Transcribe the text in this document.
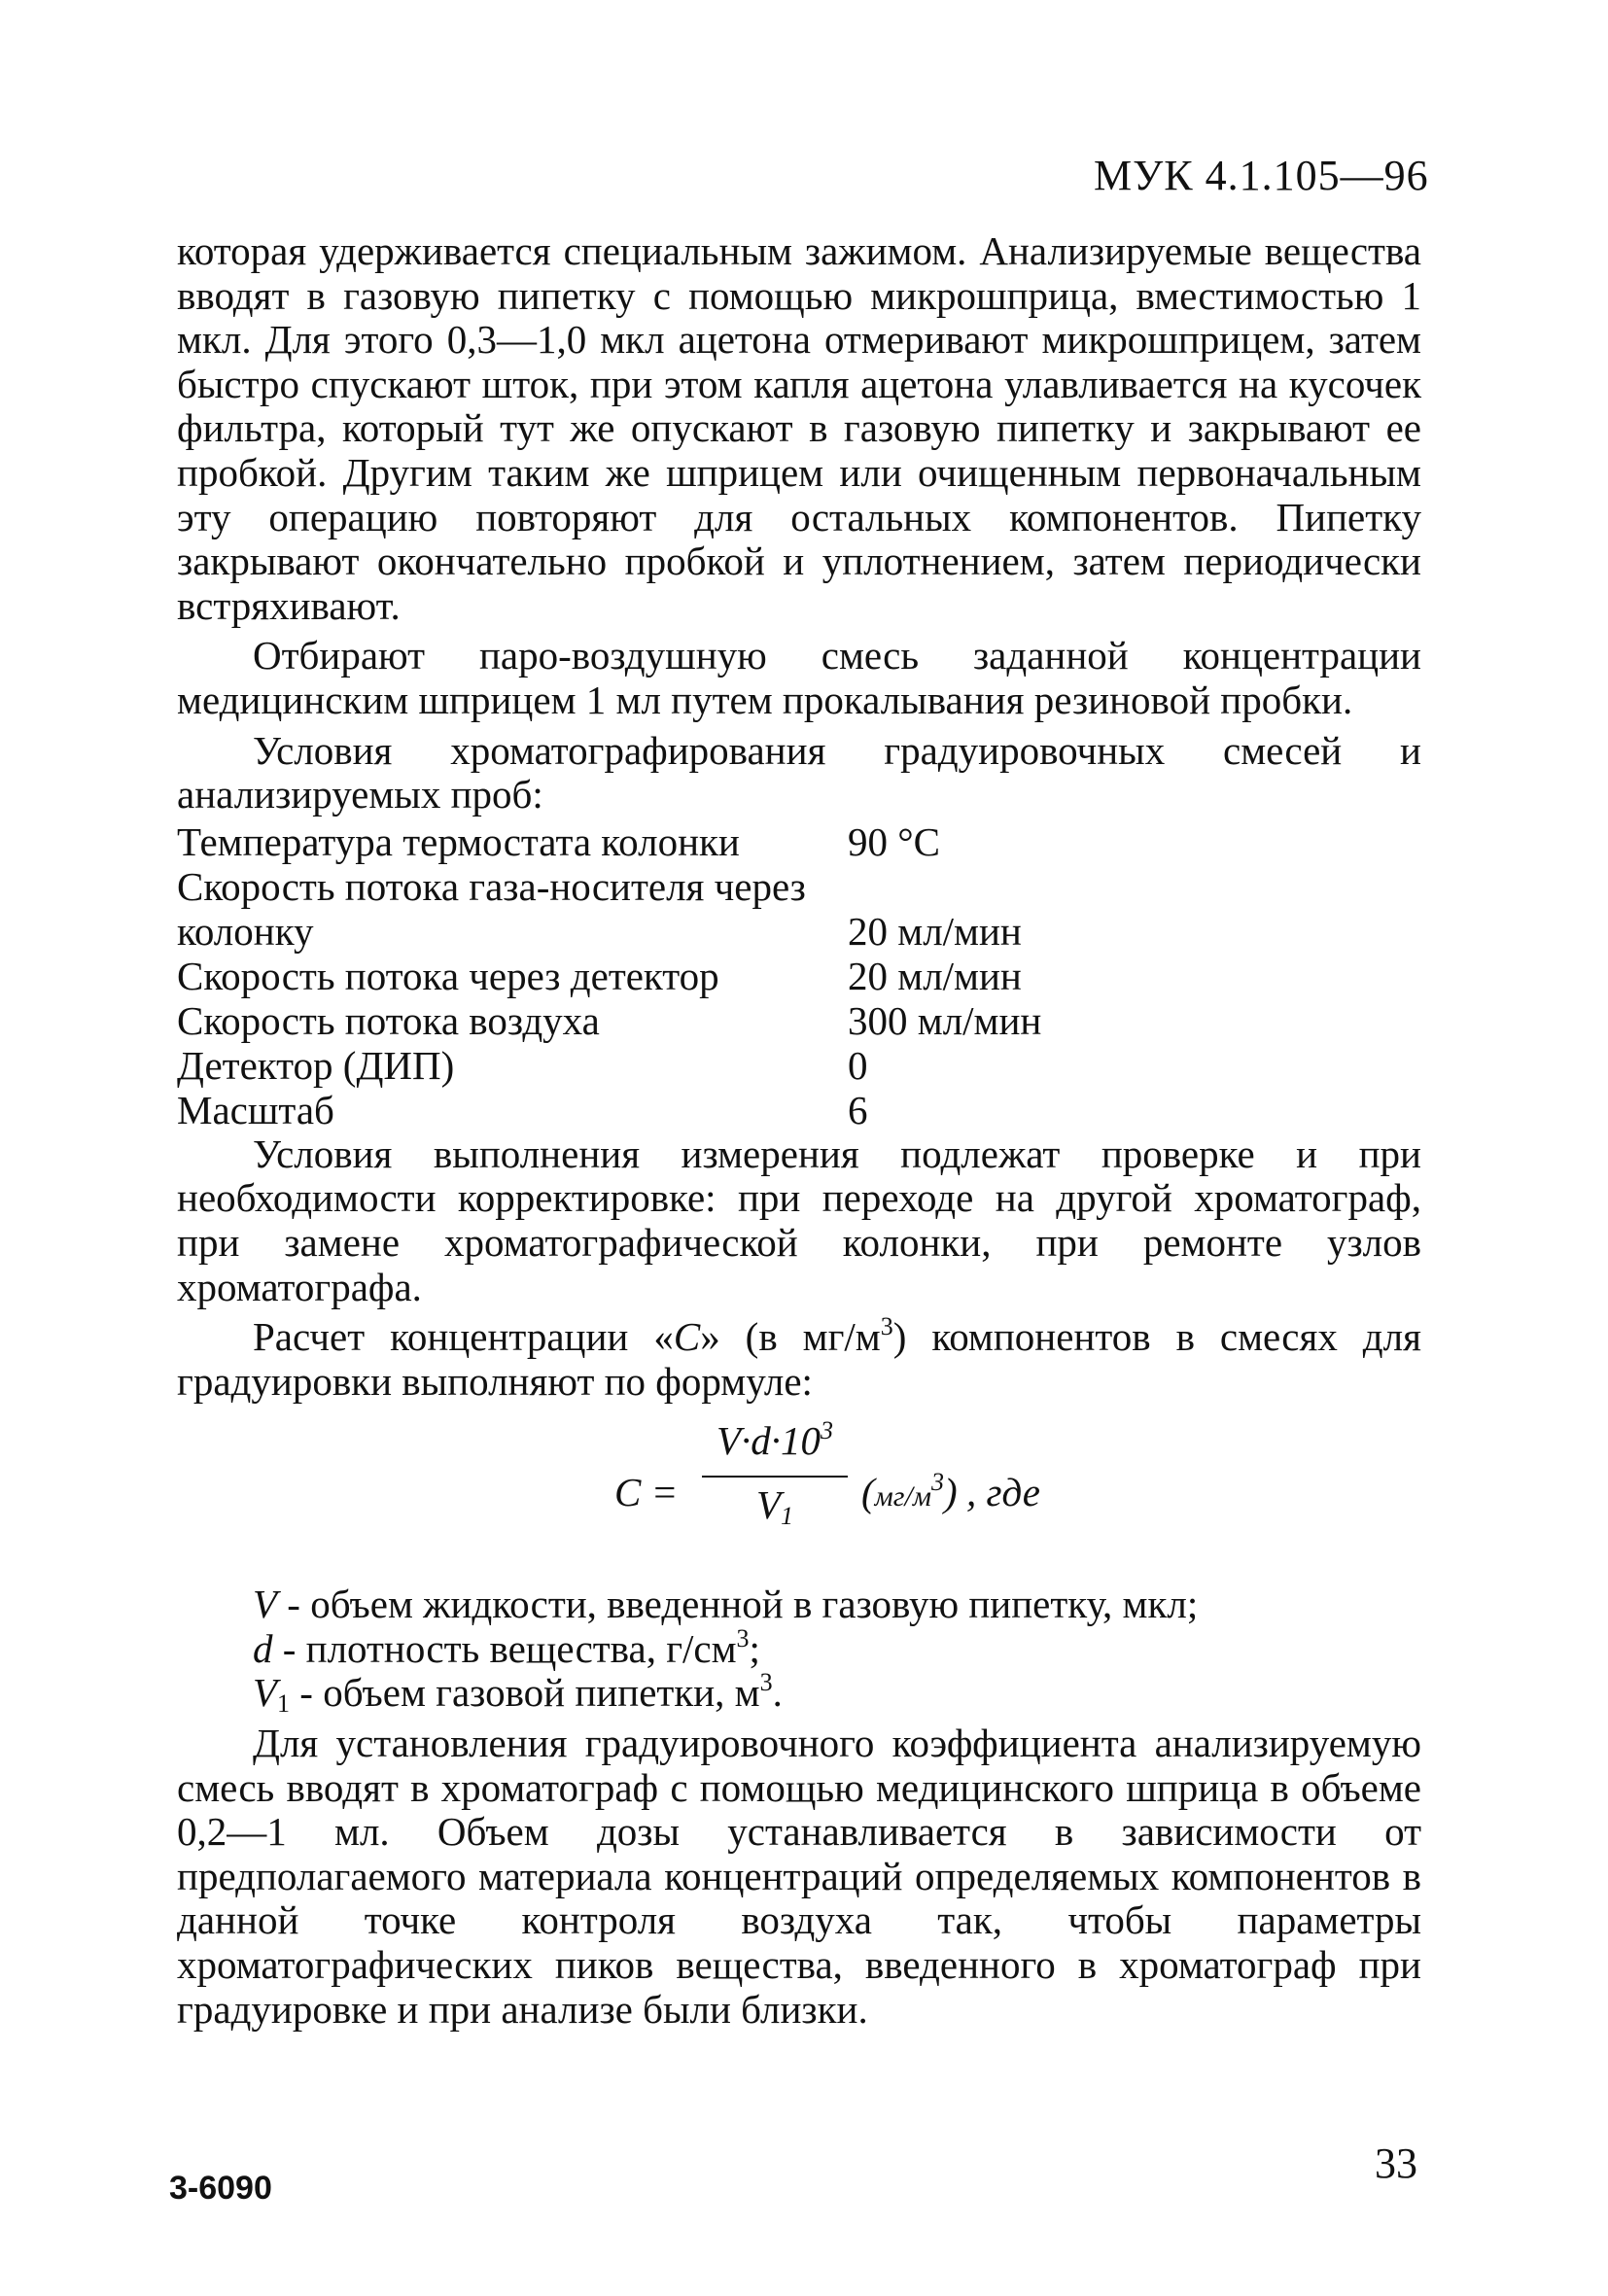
МУК 4.1.105—96

которая удерживается специальным зажимом. Анализируемые вещества вводят в газовую пипетку с помощью микрошприца, вместимостью 1 мкл. Для этого 0,3—1,0 мкл ацетона отмеривают микрошприцем, затем быстро спускают шток, при этом капля ацетона улавливается на кусочек фильтра, который тут же опускают в газовую пипетку и закрывают ее пробкой. Другим таким же шприцем или очищенным первоначальным эту операцию повторяют для остальных компонентов. Пипетку закрывают окончательно пробкой и уплотнением, затем периодически встряхивают.

Отбирают паро-воздушную смесь заданной концентрации медицинским шприцем 1 мл путем прокалывания резиновой пробки.

Условия хроматографирования градуировочных смесей и анализируемых проб:

Температура термостата колонки	90 °С
Скорость потока газа-носителя через колонку	20 мл/мин
Скорость потока через детектор	20 мл/мин
Скорость потока воздуха	300 мл/мин
Детектор (ДИП)	0
Масштаб	6

Условия выполнения измерения подлежат проверке и при необходимости корректировке: при переходе на другой хроматограф, при замене хроматографической колонки, при ремонте узлов хроматографа.

Расчет концентрации «C» (в $мг/м^3$) компонентов в смесях для градуировки выполняют по формуле:

C =
$V\cdot d\cdot 10^3$
$V_1$
$(мг/м^3)$ , где
V - объем жидкости, введенной в газовую пипетку, мкл;
d - плотность вещества, $г/см^3$;
$V_1$ - объем газовой пипетки, $м^3$.

Для установления градуировочного коэффициента анализируемую смесь вводят в хроматограф с помощью медицинского шприца в объеме 0,2—1 мл. Объем дозы устанавливается в зависимости от предполагаемого материала концентраций определяемых компонентов в данной точке контроля воздуха так, чтобы параметры хроматографических пиков вещества, введенного в хроматограф при градуировке и при анализе были близки.

3-6090
33
